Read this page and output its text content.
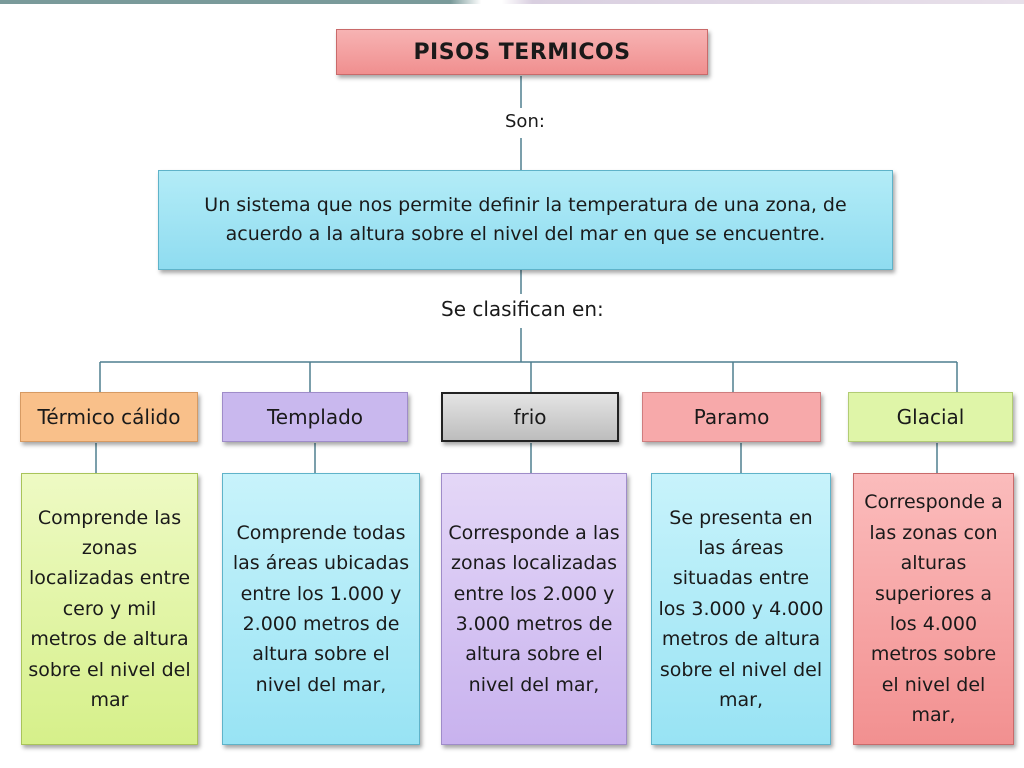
PISOS TERMICOS
Son:
Un sistema que nos permite definir la temperatura de una zona, de acuerdo a la altura sobre el nivel del mar en que se encuentre.
Se clasifican en:
Térmico cálido	Templado	frio	Paramo	Glacial
Comprende las zonas localizadas entre cero y mil metros de altura sobre el nivel del mar
Comprende todas las áreas ubicadas entre los 1.000 y 2.000 metros de altura sobre el nivel del mar,
Corresponde a las zonas localizadas entre los 2.000 y 3.000 metros de altura sobre el nivel del mar,
Se presenta en las áreas situadas entre los 3.000 y 4.000 metros de altura sobre el nivel del mar,
Corresponde a las zonas con alturas superiores a los 4.000 metros sobre el nivel del mar,
